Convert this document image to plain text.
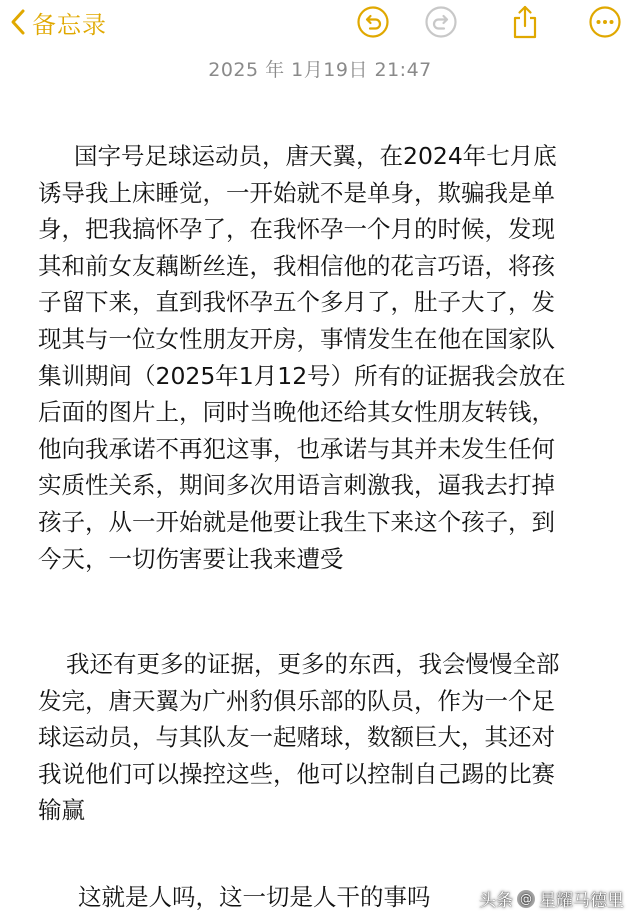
备忘录
2025 年 1月19日 21:47
国字号足球运动员，唐天翼，在2024年七月底
诱导我上床睡觉，一开始就不是单身，欺骗我是单
身，把我搞怀孕了，在我怀孕一个月的时候，发现
其和前女友藕断丝连，我相信他的花言巧语，将孩
子留下来，直到我怀孕五个多月了，肚子大了，发
现其与一位女性朋友开房，事情发生在他在国家队
集训期间（2025年1月12号）所有的证据我会放在
后面的图片上，同时当晚他还给其女性朋友转钱，
他向我承诺不再犯这事，也承诺与其并未发生任何
实质性关系，期间多次用语言刺激我，逼我去打掉
孩子，从一开始就是他要让我生下来这个孩子，到
今天，一切伤害要让我来遭受
我还有更多的证据，更多的东西，我会慢慢全部
发完，唐天翼为广州豹俱乐部的队员，作为一个足
球运动员，与其队友一起赌球，数额巨大，其还对
我说他们可以操控这些，他可以控制自己踢的比赛
输赢
这就是人吗，这一切是人干的事吗	头条 @ 星耀马德里
